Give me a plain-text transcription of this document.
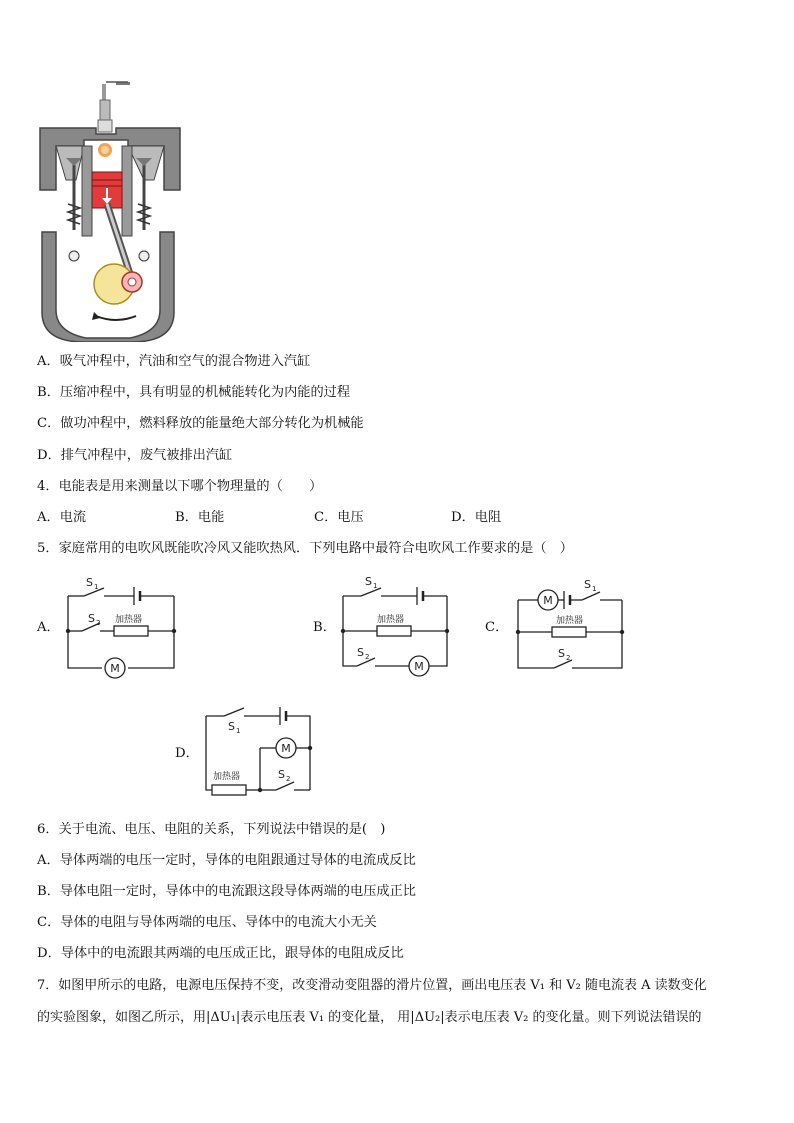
A．吸气冲程中，汽油和空气的混合物进入汽缸
B．压缩冲程中，具有明显的机械能转化为内能的过程
C．做功冲程中，燃料释放的能量绝大部分转化为机械能
D．排气冲程中，废气被排出汽缸
4．电能表是用来测量以下哪个物理量的（　　）
A．电流	B．电能	C．电压	D．电阻
5．家庭常用的电吹风既能吹冷风又能吹热风．下列电路中最符合电吹风工作要求的是（　）
A．
M
S 1
S 2 加热器	B．
M
S 1
S 2
加热器	C．
M
S 1
S 2
加热器
D．	M
S 1
S 2
加热器
6．关于电流、电压、电阻的关系，下列说法中错误的是(　)
A．导体两端的电压一定时，导体的电阻跟通过导体的电流成反比
B．导体电阻一定时，导体中的电流跟这段导体两端的电压成正比
C．导体的电阻与导体两端的电压、导体中的电流大小无关
D．导体中的电流跟其两端的电压成正比，跟导体的电阻成反比
7．如图甲所示的电路，电源电压保持不变，改变滑动变阻器的滑片位置，画出电压表 V₁ 和 V₂ 随电流表 A 读数变化
的实验图象，如图乙所示，用|ΔU₁|表示电压表 V₁ 的变化量， 用|ΔU₂|表示电压表 V₂ 的变化量。则下列说法错误的
